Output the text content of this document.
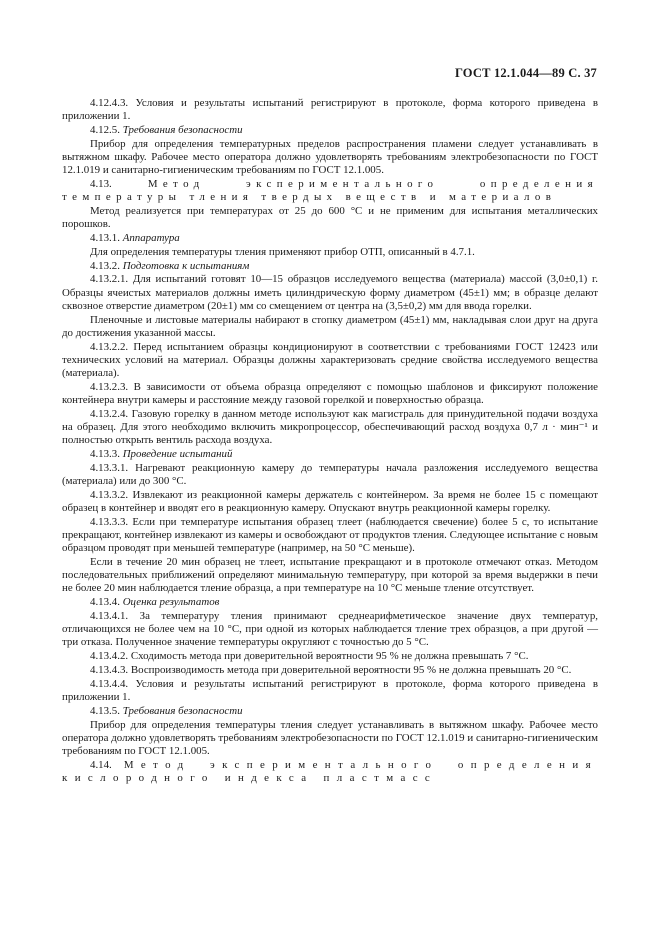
ГОСТ 12.1.044—89 С. 37

4.12.4.3. Условия и результаты испытаний регистрируют в протоколе, форма которого приведена в приложении 1.

4.12.5. Требования безопасности

Прибор для определения температурных пределов распространения пламени следует устанавливать в вытяжном шкафу. Рабочее место оператора должно удовлетворять требованиям электробезопасности по ГОСТ 12.1.019 и санитарно-гигиеническим требованиям по ГОСТ 12.1.005.

4.13.	Метод экспериментального определения температуры тления твердых веществ и материалов

Метод реализуется при температурах от 25 до 600 °С и не применим для испытания металлических порошков.

4.13.1. Аппаратура

Для определения температуры тления применяют прибор ОТП, описанный в 4.7.1.

4.13.2. Подготовка к испытаниям

4.13.2.1. Для испытаний готовят 10—15 образцов исследуемого вещества (материала) массой (3,0±0,1) г. Образцы ячеистых материалов должны иметь цилиндрическую форму диаметром (45±1) мм; в образце делают сквозное отверстие диаметром (20±1) мм со смещением от центра на (3,5±0,2) мм для ввода горелки.

Пленочные и листовые материалы набирают в стопку диаметром (45±1) мм, накладывая слои друг на друга до достижения указанной массы.

4.13.2.2. Перед испытанием образцы кондиционируют в соответствии с требованиями ГОСТ 12423 или технических условий на материал. Образцы должны характеризовать средние свойства исследуемого вещества (материала).

4.13.2.3. В зависимости от объема образца определяют с помощью шаблонов и фиксируют положение контейнера внутри камеры и расстояние между газовой горелкой и поверхностью образца.

4.13.2.4. Газовую горелку в данном методе используют как магистраль для принудительной подачи воздуха на образец. Для этого необходимо включить микропроцессор, обеспечивающий расход воздуха 0,7 л · мин⁻¹ и полностью открыть вентиль расхода воздуха.

4.13.3. Проведение испытаний

4.13.3.1. Нагревают реакционную камеру до температуры начала разложения исследуемого вещества (материала) или до 300 °С.

4.13.3.2. Извлекают из реакционной камеры держатель с контейнером. За время не более 15 с помещают образец в контейнер и вводят его в реакционную камеру. Опускают внутрь реакционной камеры горелку.

4.13.3.3. Если при температуре испытания образец тлеет (наблюдается свечение) более 5 с, то испытание прекращают, контейнер извлекают из камеры и освобождают от продуктов тления. Следующее испытание с новым образцом проводят при меньшей температуре (например, на 50 °С меньше).

Если в течение 20 мин образец не тлеет, испытание прекращают и в протоколе отмечают отказ. Методом последовательных приближений определяют минимальную температуру, при которой за время выдержки в печи не более 20 мин наблюдается тление образца, а при температуре на 10 °С меньше тление отсутствует.

4.13.4. Оценка результатов

4.13.4.1. За температуру тления принимают среднеарифметическое значение двух температур, отличающихся не более чем на 10 °С, при одной из которых наблюдается тление трех образцов, а при другой — три отказа. Полученное значение температуры округляют с точностью до 5 °С.

4.13.4.2. Сходимость метода при доверительной вероятности 95 % не должна превышать 7 °С.

4.13.4.3. Воспроизводимость метода при доверительной вероятности 95 % не должна превышать 20 °С.

4.13.4.4. Условия и результаты испытаний регистрируют в протоколе, форма которого приведена в приложении 1.

4.13.5. Требования безопасности

Прибор для определения температуры тления следует устанавливать в вытяжном шкафу. Рабочее место оператора должно удовлетворять требованиям электробезопасности по ГОСТ 12.1.019 и санитарно-гигиеническим требованиям по ГОСТ 12.1.005.

4.14. Метод экспериментального определения кислородного индекса пластмасс
